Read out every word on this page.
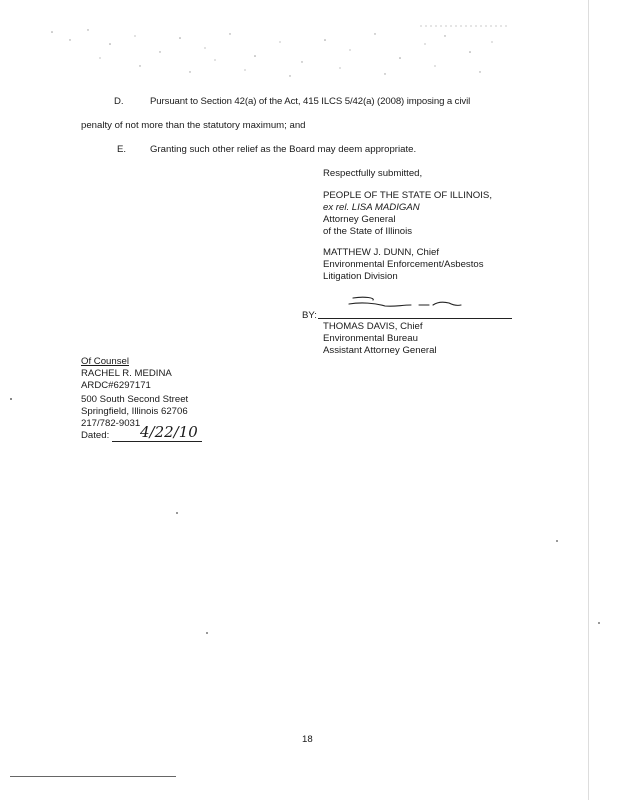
D.	Pursuant to Section 42(a) of the Act, 415 ILCS 5/42(a) (2008) imposing a civil
penalty of not more than the statutory maximum; and
E. Granting such other relief as the Board may deem appropriate.
Respectfully submitted,
PEOPLE OF THE STATE OF ILLINOIS,
ex rel. LISA MADIGAN
Attorney General
of the State of Illinois
MATTHEW J. DUNN, Chief
Environmental Enforcement/Asbestos
Litigation Division
BY:
THOMAS DAVIS, Chief
Environmental Bureau
Assistant Attorney General
Of Counsel
RACHEL R. MEDINA
ARDC#6297171
500 South Second Street
Springfield, Illinois 62706
217/782-9031
Dated: 4/22/10
18
